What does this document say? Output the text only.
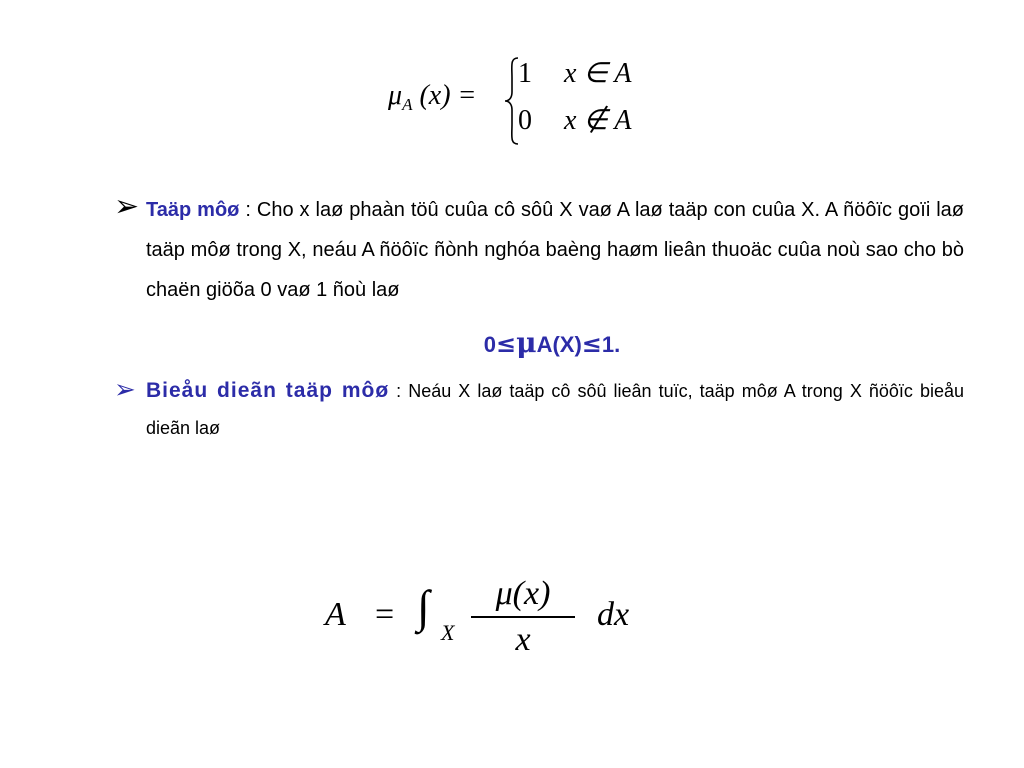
$\mu_A$ (x) =
1 x ∈ A
0 x ∉ A
➢ Taäp môø : Cho x laø phaàn töû cuûa cô sôû X vaø A laø taäp con cuûa X. A ñöôïc goïi laø taäp môø trong X, neáu A ñöôïc ñònh nghóa baèng haøm lieân thuoäc cuûa noù sao cho bò chaën giöõa 0 vaø 1 ñoù laø
0≤μA(X)≤1.
➢ Bieåu dieãn taäp môø : Neáu X laø taäp cô sôû lieân tuïc, taäp môø A trong X ñöôïc bieåu dieãn laø
A = ∫
X
μ(x)
x
dx
